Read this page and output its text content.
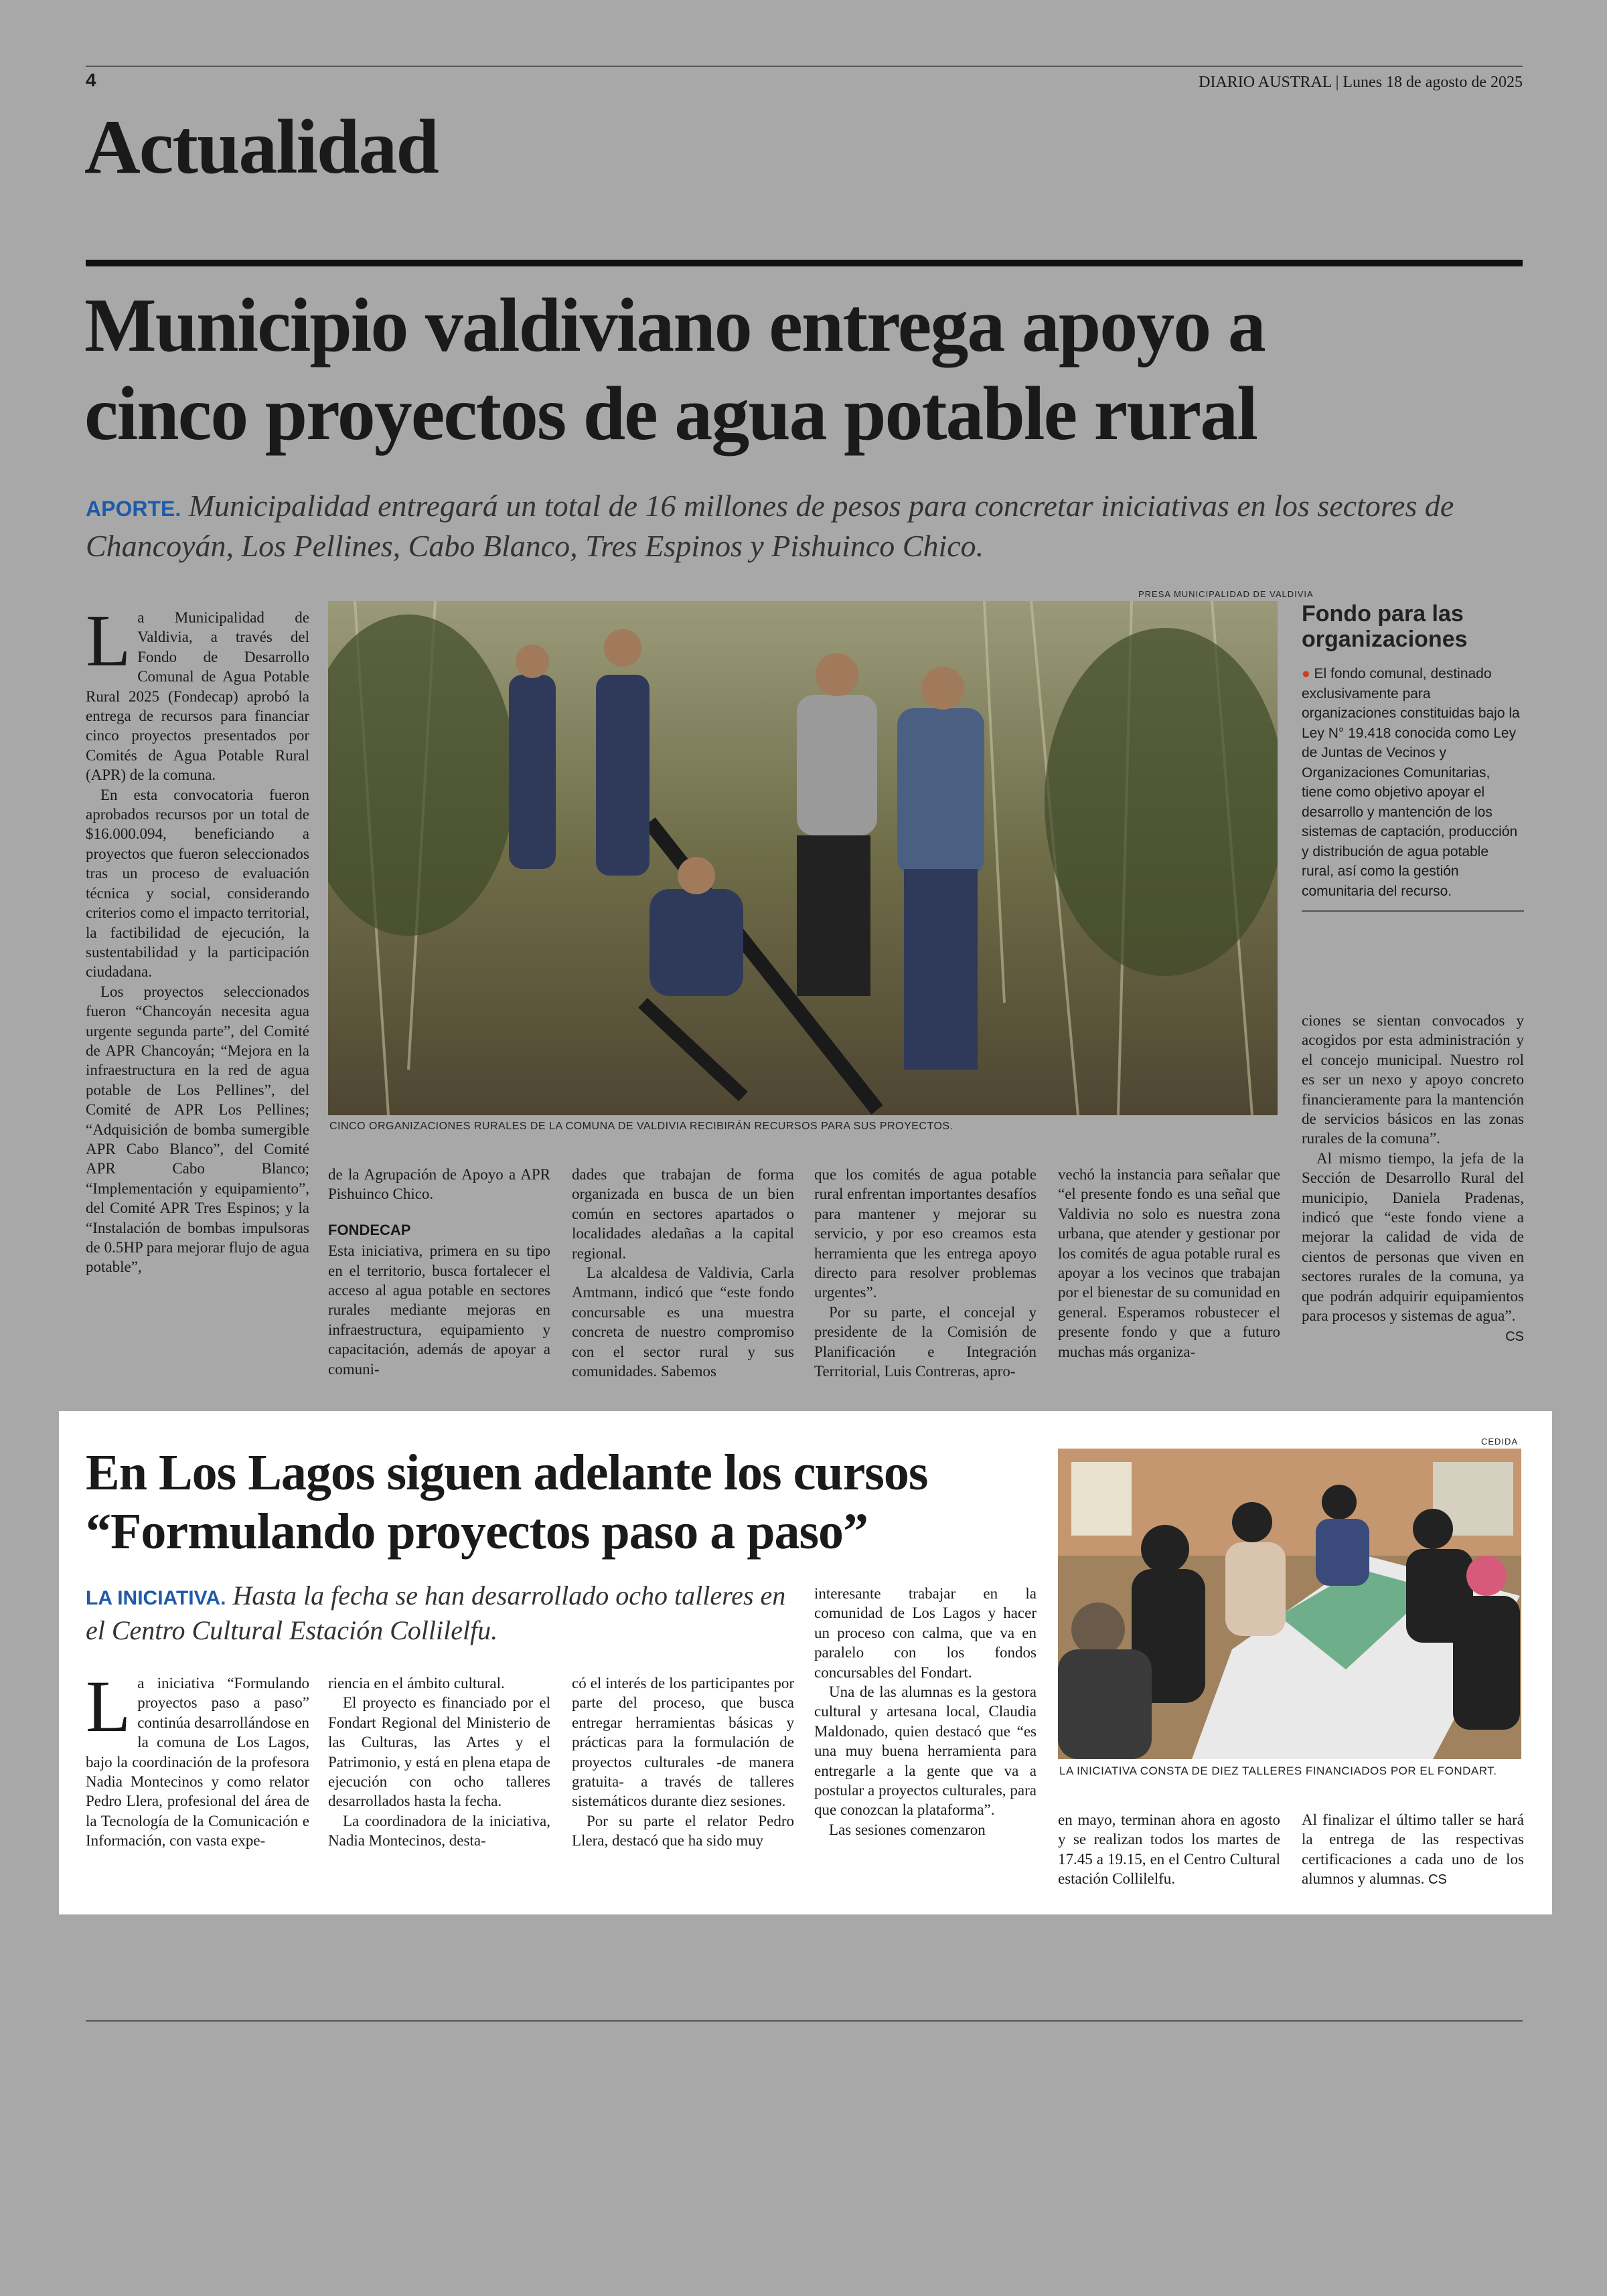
4	DIARIO AUSTRAL | Lunes 18 de agosto de 2025
Actualidad
Municipio valdiviano entrega apoyo a
cinco proyectos de agua potable rural
APORTE. Municipalidad entregará un total de 16 millones de pesos para concretar iniciativas en los sectores de Chancoyán, Los Pellines, Cabo Blanco, Tres Espinos y Pishuinco Chico.
PRESA MUNICIPALIDAD DE VALDIVIA
CINCO ORGANIZACIONES RURALES DE LA COMUNA DE VALDIVIA RECIBIRÁN RECURSOS PARA SUS PROYECTOS.
L a Municipalidad de Valdivia, a través del Fondo de Desarrollo Comunal de Agua Potable Rural 2025 (Fondecap) aprobó la entrega de recursos para financiar cinco proyectos presentados por Comités de Agua Potable Rural (APR) de la comuna.

En esta convocatoria fueron aprobados recursos por un total de $16.000.094, beneficiando a proyectos que fueron seleccionados tras un proceso de evaluación técnica y social, considerando criterios como el impacto territorial, la factibilidad de ejecución, la sustentabilidad y la participación ciudadana.

Los proyectos seleccionados fueron “Chancoyán necesita agua urgente segunda parte”, del Comité de APR Chancoyán; “Mejora en la infraestructura en la red de agua potable de Los Pellines”, del Comité de APR Los Pellines; “Adquisición de bomba sumergible APR Cabo Blanco”, del Comité APR Cabo Blanco; “Implementación y equipamiento”, del Comité APR Tres Espinos; y la “Instalación de bombas impulsoras de 0.5HP para mejorar flujo de agua potable”,

de la Agrupación de Apoyo a APR Pishuinco Chico.

FONDECAP

Esta iniciativa, primera en su tipo en el territorio, busca fortalecer el acceso al agua potable en sectores rurales mediante mejoras en infraestructura, equipamiento y capacitación, además de apoyar a comuni-

dades que trabajan de forma organizada en busca de un bien común en sectores apartados o localidades aledañas a la capital regional.

La alcaldesa de Valdivia, Carla Amtmann, indicó que “este fondo concursable es una muestra concreta de nuestro compromiso con el sector rural y sus comunidades. Sabemos

que los comités de agua potable rural enfrentan importantes desafíos para mantener y mejorar su servicio, y por eso creamos esta herramienta que les entrega apoyo directo para resolver problemas urgentes”.

Por su parte, el concejal y presidente de la Comisión de Planificación e Integración Territorial, Luis Contreras, apro-

vechó la instancia para señalar que “el presente fondo es una señal que Valdivia no solo es nuestra zona urbana, que atender y gestionar por los comités de agua potable rural es apoyar a los vecinos que trabajan por el bienestar de su comunidad en general. Esperamos robustecer el presente fondo y que a futuro muchas más organiza-

ciones se sientan convocados y acogidos por esta administración y el concejo municipal. Nuestro rol es ser un nexo y apoyo concreto financieramente para la mantención de servicios básicos en las zonas rurales de la comuna”.

Al mismo tiempo, la jefa de la Sección de Desarrollo Rural del municipio, Daniela Pradenas, indicó que “este fondo viene a mejorar la calidad de vida de cientos de personas que viven en sectores rurales de la comuna, ya que podrán adquirir equipamientos para procesos y sistemas de agua”.

CS
Fondo para las organizaciones
● El fondo comunal, destinado exclusivamente para organizaciones constituidas bajo la Ley N° 19.418 conocida como Ley de Juntas de Vecinos y Organizaciones Comunitarias, tiene como objetivo apoyar el desarrollo y mantención de los sistemas de captación, producción y distribución de agua potable rural, así como la gestión comunitaria del recurso.
En Los Lagos siguen adelante los cursos
“Formulando proyectos paso a paso”
LA INICIATIVA. Hasta la fecha se han desarrollado ocho talleres en el Centro Cultural Estación Collilelfu.
CEDIDA
LA INICIATIVA CONSTA DE DIEZ TALLERES FINANCIADOS POR EL FONDART.
L a iniciativa “Formulando proyectos paso a paso” continúa desarrollándose en la comuna de Los Lagos, bajo la coordinación de la profesora Nadia Montecinos y como relator Pedro Llera, profesional del área de la Tecnología de la Comunicación e Información, con vasta expe-

riencia en el ámbito cultural.

El proyecto es financiado por el Fondart Regional del Ministerio de las Culturas, las Artes y el Patrimonio, y está en plena etapa de ejecución con ocho talleres desarrollados hasta la fecha.

La coordinadora de la iniciativa, Nadia Montecinos, desta-

có el interés de los participantes por parte del proceso, que busca entregar herramientas básicas y prácticas para la formulación de proyectos culturales -de manera gratuita- a través de talleres sistemáticos durante diez sesiones.

Por su parte el relator Pedro Llera, destacó que ha sido muy

interesante trabajar en la comunidad de Los Lagos y hacer un proceso con calma, que va en paralelo con los fondos concursables del Fondart.

Una de las alumnas es la gestora cultural y artesana local, Claudia Maldonado, quien destacó que “es una muy buena herramienta para entregarle a la gente que va a postular a proyectos culturales, para que conozcan la plataforma”.

Las sesiones comenzaron

en mayo, terminan ahora en agosto y se realizan todos los martes de 17.45 a 19.15, en el Centro Cultural estación Collilelfu.

Al finalizar el último taller se hará la entrega de las respectivas certificaciones a cada uno de los alumnos y alumnas. CS
